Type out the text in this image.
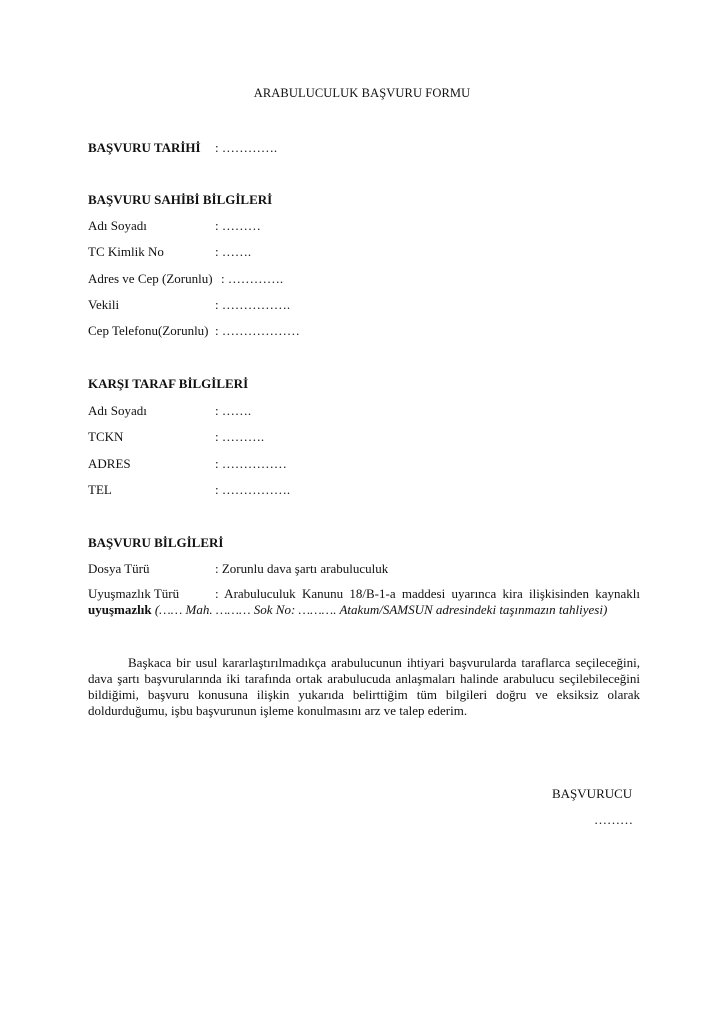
ARABULUCULUK BAŞVURU FORMU
BAŞVURU TARİHİ : ………….
BAŞVURU SAHİBİ BİLGİLERİ
Adı Soyadı	: ………
TC Kimlik No	: …….
Adres ve Cep (Zorunlu) : ………….
Vekili	: …………….
Cep Telefonu(Zorunlu) : ………………
KARŞI TARAF BİLGİLERİ
Adı Soyadı	: …….
TCKN	: ……….
ADRES	: ……………
TEL	: …………….
BAŞVURU BİLGİLERİ
Dosya Türü	: Zorunlu dava şartı arabuluculuk
Uyuşmazlık Türü	: Arabuluculuk Kanunu 18/B-1-a maddesi uyarınca kira ilişkisinden kaynaklı
uyuşmazlık (…… Mah. ……… Sok No: ………. Atakum/SAMSUN adresindeki taşınmazın tahliyesi)
Başkaca bir usul kararlaştırılmadıkça arabulucunun ihtiyari başvurularda taraflarca seçileceğini, dava şartı başvurularında iki tarafında ortak arabulucuda anlaşmaları halinde arabulucu seçilebileceğini bildiğimi, başvuru konusuna ilişkin yukarıda belirttiğim tüm bilgileri doğru ve eksiksiz olarak doldurduğumu, işbu başvurunun işleme konulmasını arz ve talep ederim.
BAŞVURUCU
………
